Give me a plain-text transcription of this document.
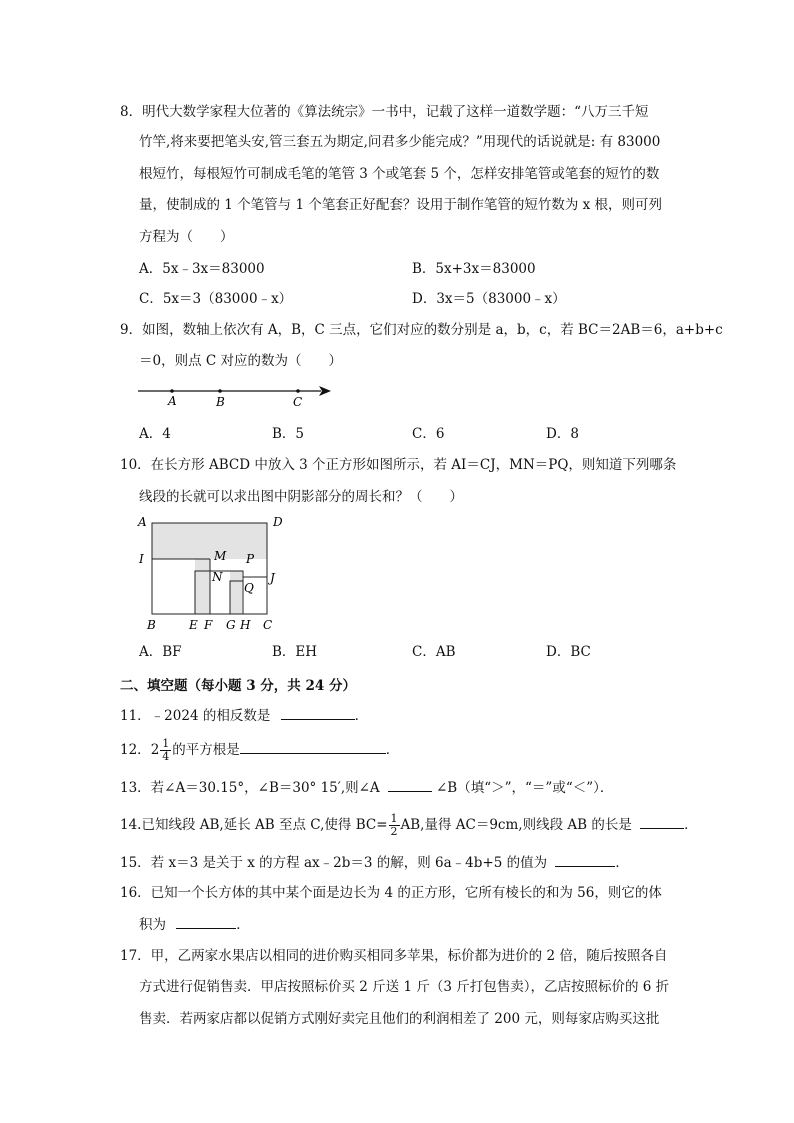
8．明代大数学家程大位著的《算法统宗》一书中，记载了这样一道数学题：“八万三千短
竹竿,将来要把笔头安,管三套五为期定,问君多少能完成？”用现代的话说就是: 有 83000
根短竹，每根短竹可制成毛笔的笔管 3 个或笔套 5 个，怎样安排笔管或笔套的短竹的数
量，使制成的 1 个笔管与 1 个笔套正好配套？设用于制作笔管的短竹数为 x 根，则可列
方程为（　　）
A．5x﹣3x＝83000	B．5x+3x＝83000
C．5x＝3（83000﹣x）	D．3x＝5（83000﹣x）
9．如图，数轴上依次有 A，B，C 三点，它们对应的数分别是 a，b，c，若 BC＝2AB＝6，a+b+c
＝0，则点 C 对应的数为（　　）
A	B	C
A．4	B．5	C．6	D．8
10．在长方形 ABCD 中放入 3 个正方形如图所示，若 AI＝CJ，MN＝PQ，则知道下列哪条
线段的长就可以求出图中阴影部分的周长和？（　　）
A	D
I	M P
J
N
Q
B	E F G H C
A．BF	B．EH	C．AB	D．BC
二、填空题（每小题 3 分，共 24 分）
11．﹣2024 的相反数是	．
12．$2 \frac{1}{4}$ 的平方根是	．
13．若∠A＝30.15°，∠B＝30° 15′,则∠A	∠B（填“＞”，“＝”或“＜”）．
14.已知线段 AB,延长 AB 至点 C,使得 $BC= \frac{1}{2}$ AB,量得 AC＝9cm,则线段 AB 的长是	．
15．若 x＝3 是关于 x 的方程 ax﹣2b＝3 的解，则 6a﹣4b+5 的值为	．
16．已知一个长方体的其中某个面是边长为 4 的正方形，它所有棱长的和为 56，则它的体
积为	．
17．甲，乙两家水果店以相同的进价购买相同多苹果，标价都为进价的 2 倍，随后按照各自
方式进行促销售卖．甲店按照标价买 2 斤送 1 斤（3 斤打包售卖），乙店按照标价的 6 折
售卖．若两家店都以促销方式刚好卖完且他们的利润相差了 200 元，则每家店购买这批
